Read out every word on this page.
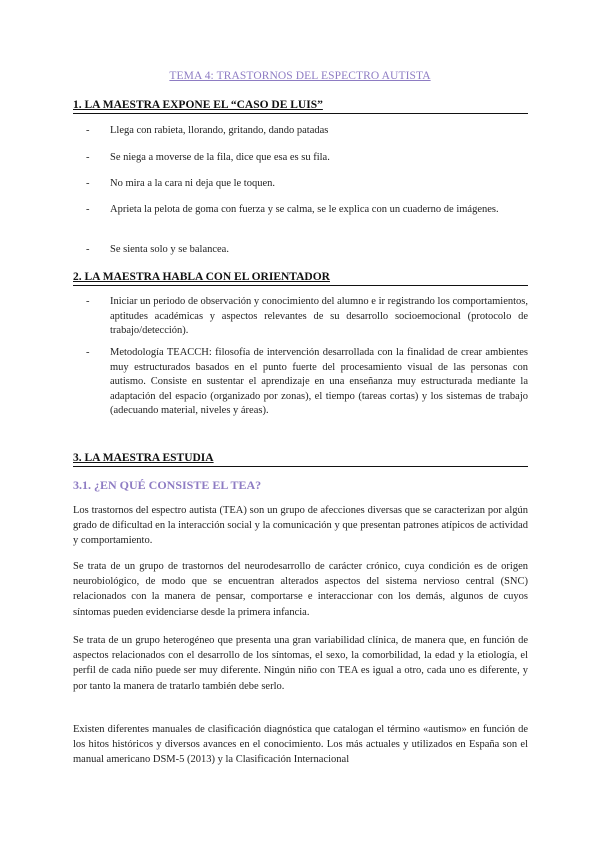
TEMA 4: TRASTORNOS DEL ESPECTRO AUTISTA
1. LA MAESTRA EXPONE EL “CASO DE LUIS”
- Llega con rabieta, llorando, gritando, dando patadas
- Se niega a moverse de la fila, dice que esa es su fila.
- No mira a la cara ni deja que le toquen.
- Aprieta la pelota de goma con fuerza y se calma, se le explica con un cuaderno de imágenes.
- Se sienta solo y se balancea.
2. LA MAESTRA HABLA CON EL ORIENTADOR
- Iniciar un periodo de observación y conocimiento del alumno e ir registrando los comportamientos, aptitudes académicas y aspectos relevantes de su desarrollo socioemocional (protocolo de trabajo/detección).
- Metodología TEACCH: filosofía de intervención desarrollada con la finalidad de crear ambientes muy estructurados basados en el punto fuerte del procesamiento visual de las personas con autismo. Consiste en sustentar el aprendizaje en una enseñanza muy estructurada mediante la adaptación del espacio (organizado por zonas), el tiempo (tareas cortas) y los sistemas de trabajo (adecuando material, niveles y áreas).
3. LA MAESTRA ESTUDIA
3.1. ¿EN QUÉ CONSISTE EL TEA?
Los trastornos del espectro autista (TEA) son un grupo de afecciones diversas que se caracterizan por algún grado de dificultad en la interacción social y la comunicación y que presentan patrones atípicos de actividad y comportamiento.
Se trata de un grupo de trastornos del neurodesarrollo de carácter crónico, cuya condición es de origen neurobiológico, de modo que se encuentran alterados aspectos del sistema nervioso central (SNC) relacionados con la manera de pensar, comportarse e interaccionar con los demás, algunos de cuyos síntomas pueden evidenciarse desde la primera infancia.
Se trata de un grupo heterogéneo que presenta una gran variabilidad clínica, de manera que, en función de aspectos relacionados con el desarrollo de los síntomas, el sexo, la comorbilidad, la edad y la etiología, el perfil de cada niño puede ser muy diferente. Ningún niño con TEA es igual a otro, cada uno es diferente, y por tanto la manera de tratarlo también debe serlo.
Existen diferentes manuales de clasificación diagnóstica que catalogan el término «autismo» en función de los hitos históricos y diversos avances en el conocimiento. Los más actuales y utilizados en España son el manual americano DSM-5 (2013) y la Clasificación Internacional
